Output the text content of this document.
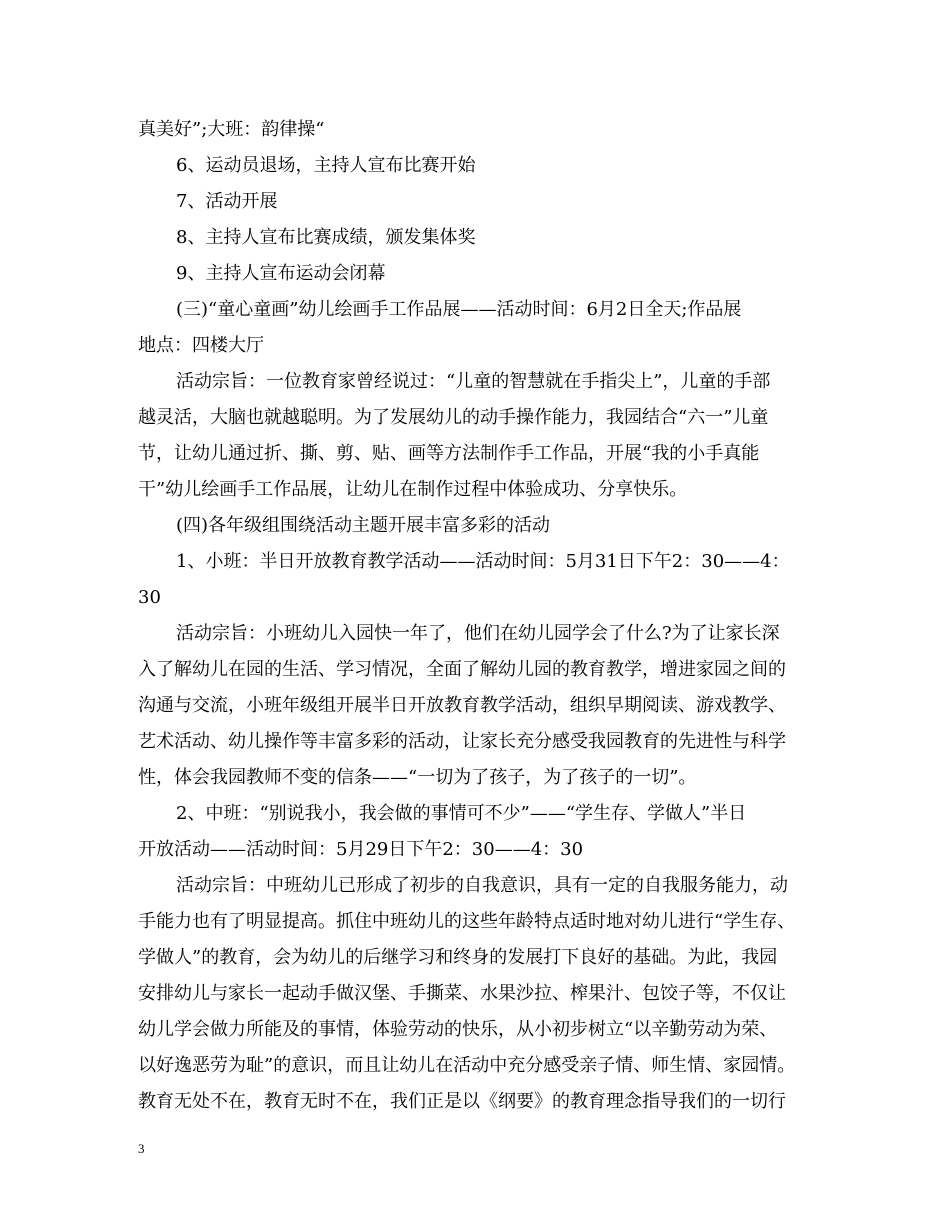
真美好”;大班：韵律操“
6、运动员退场，主持人宣布比赛开始
7、活动开展
8、主持人宣布比赛成绩，颁发集体奖
9、主持人宣布运动会闭幕
(三)“童心童画”幼儿绘画手工作品展——活动时间：6月2日全天;作品展
地点：四楼大厅
活动宗旨：一位教育家曾经说过：“儿童的智慧就在手指尖上”，儿童的手部
越灵活，大脑也就越聪明。为了发展幼儿的动手操作能力，我园结合“六一”儿童
节，让幼儿通过折、撕、剪、贴、画等方法制作手工作品，开展“我的小手真能
干”幼儿绘画手工作品展，让幼儿在制作过程中体验成功、分享快乐。
(四)各年级组围绕活动主题开展丰富多彩的活动
1、小班：半日开放教育教学活动——活动时间：5月31日下午2：30——4：
30
活动宗旨：小班幼儿入园快一年了，他们在幼儿园学会了什么?为了让家长深
入了解幼儿在园的生活、学习情况，全面了解幼儿园的教育教学，增进家园之间的
沟通与交流，小班年级组开展半日开放教育教学活动，组织早期阅读、游戏教学、
艺术活动、幼儿操作等丰富多彩的活动，让家长充分感受我园教育的先进性与科学
性，体会我园教师不变的信条——“一切为了孩子，为了孩子的一切”。
2、中班：“别说我小，我会做的事情可不少”——“学生存、学做人”半日
开放活动——活动时间：5月29日下午2：30——4：30
活动宗旨：中班幼儿已形成了初步的自我意识，具有一定的自我服务能力，动
手能力也有了明显提高。抓住中班幼儿的这些年龄特点适时地对幼儿进行“学生存、
学做人”的教育，会为幼儿的后继学习和终身的发展打下良好的基础。为此，我园
安排幼儿与家长一起动手做汉堡、手撕菜、水果沙拉、榨果汁、包饺子等，不仅让
幼儿学会做力所能及的事情，体验劳动的快乐，从小初步树立“以辛勤劳动为荣、
以好逸恶劳为耻”的意识，而且让幼儿在活动中充分感受亲子情、师生情、家园情。
教育无处不在，教育无时不在，我们正是以《纲要》的教育理念指导我们的一切行
3
